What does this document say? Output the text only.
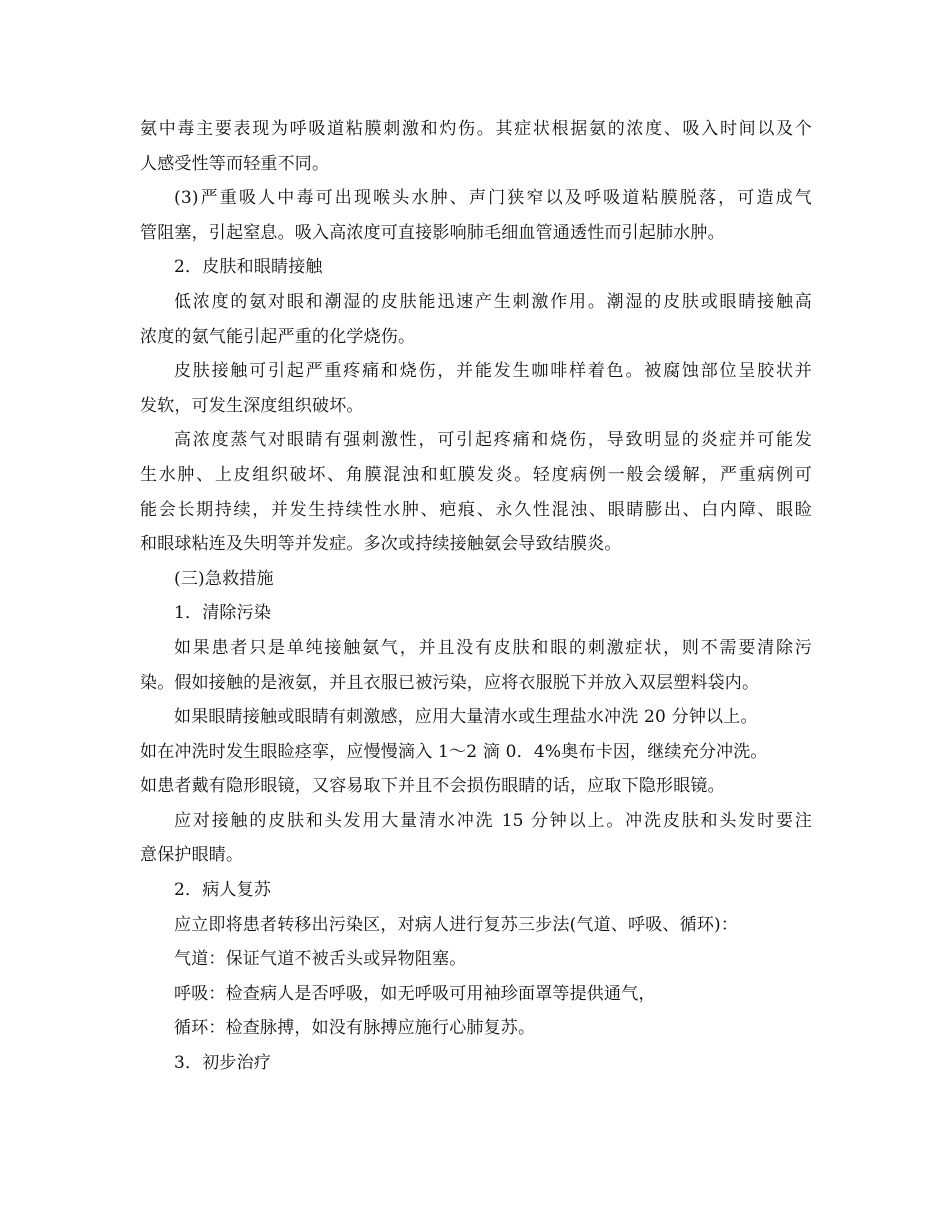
氨中毒主要表现为呼吸道粘膜刺激和灼伤。其症状根据氨的浓度、吸入时间以及个
人感受性等而轻重不同。
(3)严重吸人中毒可出现喉头水肿、声门狭窄以及呼吸道粘膜脱落，可造成气
管阻塞，引起窒息。吸入高浓度可直接影响肺毛细血管通透性而引起肺水肿。
2．皮肤和眼睛接触
低浓度的氨对眼和潮湿的皮肤能迅速产生刺激作用。潮湿的皮肤或眼睛接触高
浓度的氨气能引起严重的化学烧伤。
皮肤接触可引起严重疼痛和烧伤，并能发生咖啡样着色。被腐蚀部位呈胶状并
发软，可发生深度组织破坏。
高浓度蒸气对眼睛有强刺激性，可引起疼痛和烧伤，导致明显的炎症并可能发
生水肿、上皮组织破坏、角膜混浊和虹膜发炎。轻度病例一般会缓解，严重病例可
能会长期持续，并发生持续性水肿、疤痕、永久性混浊、眼睛膨出、白内障、眼睑
和眼球粘连及失明等并发症。多次或持续接触氨会导致结膜炎。
(三)急救措施
1．清除污染
如果患者只是单纯接触氨气，并且没有皮肤和眼的刺激症状，则不需要清除污
染。假如接触的是液氨，并且衣服已被污染，应将衣服脱下并放入双层塑料袋内。
如果眼睛接触或眼睛有刺激感，应用大量清水或生理盐水冲洗 20 分钟以上。
如在冲洗时发生眼睑痉挛，应慢慢滴入 1～2 滴 0．4%奥布卡因，继续充分冲洗。
如患者戴有隐形眼镜，又容易取下并且不会损伤眼睛的话，应取下隐形眼镜。
应对接触的皮肤和头发用大量清水冲洗 15 分钟以上。冲洗皮肤和头发时要注
意保护眼睛。
2．病人复苏
应立即将患者转移出污染区，对病人进行复苏三步法(气道、呼吸、循环)：
气道：保证气道不被舌头或异物阻塞。
呼吸：检查病人是否呼吸，如无呼吸可用袖珍面罩等提供通气，
循环：检查脉搏，如没有脉搏应施行心肺复苏。
3．初步治疗
